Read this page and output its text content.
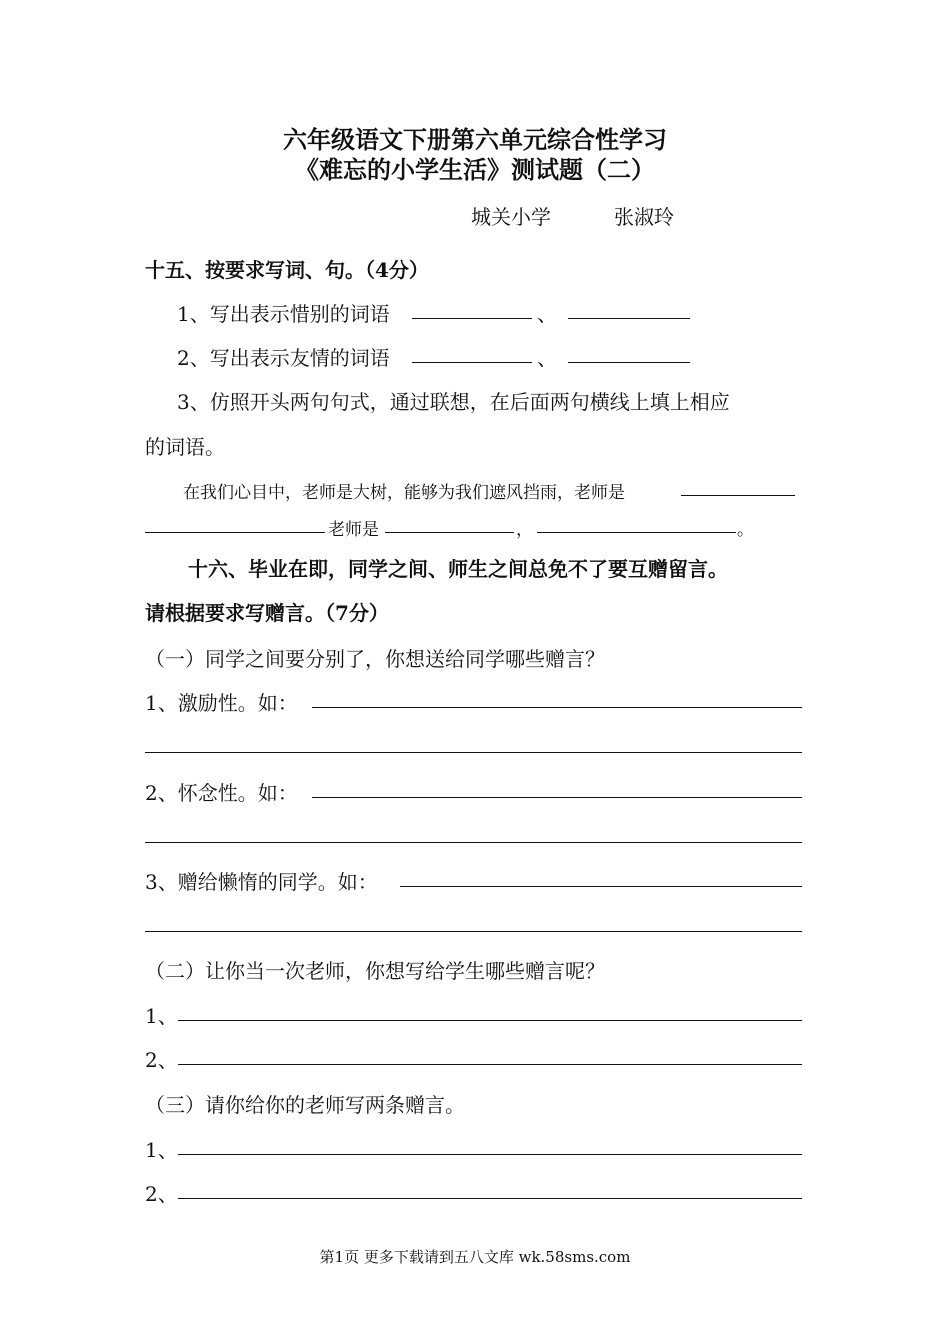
六年级语文下册第六单元综合性学习
《难忘的小学生活》测试题（二）
城关小学	张淑玲
十五、按要求写词、句。（4分）
1、写出表示惜别的词语	、
2、写出表示友情的词语	、
3、仿照开头两句句式，通过联想，在后面两句横线上填上相应
的词语。
在我们心目中，老师是大树，能够为我们遮风挡雨，老师是
老师是	，	。
十六、毕业在即，同学之间、师生之间总免不了要互赠留言。
请根据要求写赠言。（7分）
（一）同学之间要分别了，你想送给同学哪些赠言？
1、激励性。如：
2、怀念性。如：
3、赠给懒惰的同学。如：
（二）让你当一次老师，你想写给学生哪些赠言呢？
1、
2、
（三）请你给你的老师写两条赠言。
1、
2、
第1页 更多下载请到五八文库 wk.58sms.com
